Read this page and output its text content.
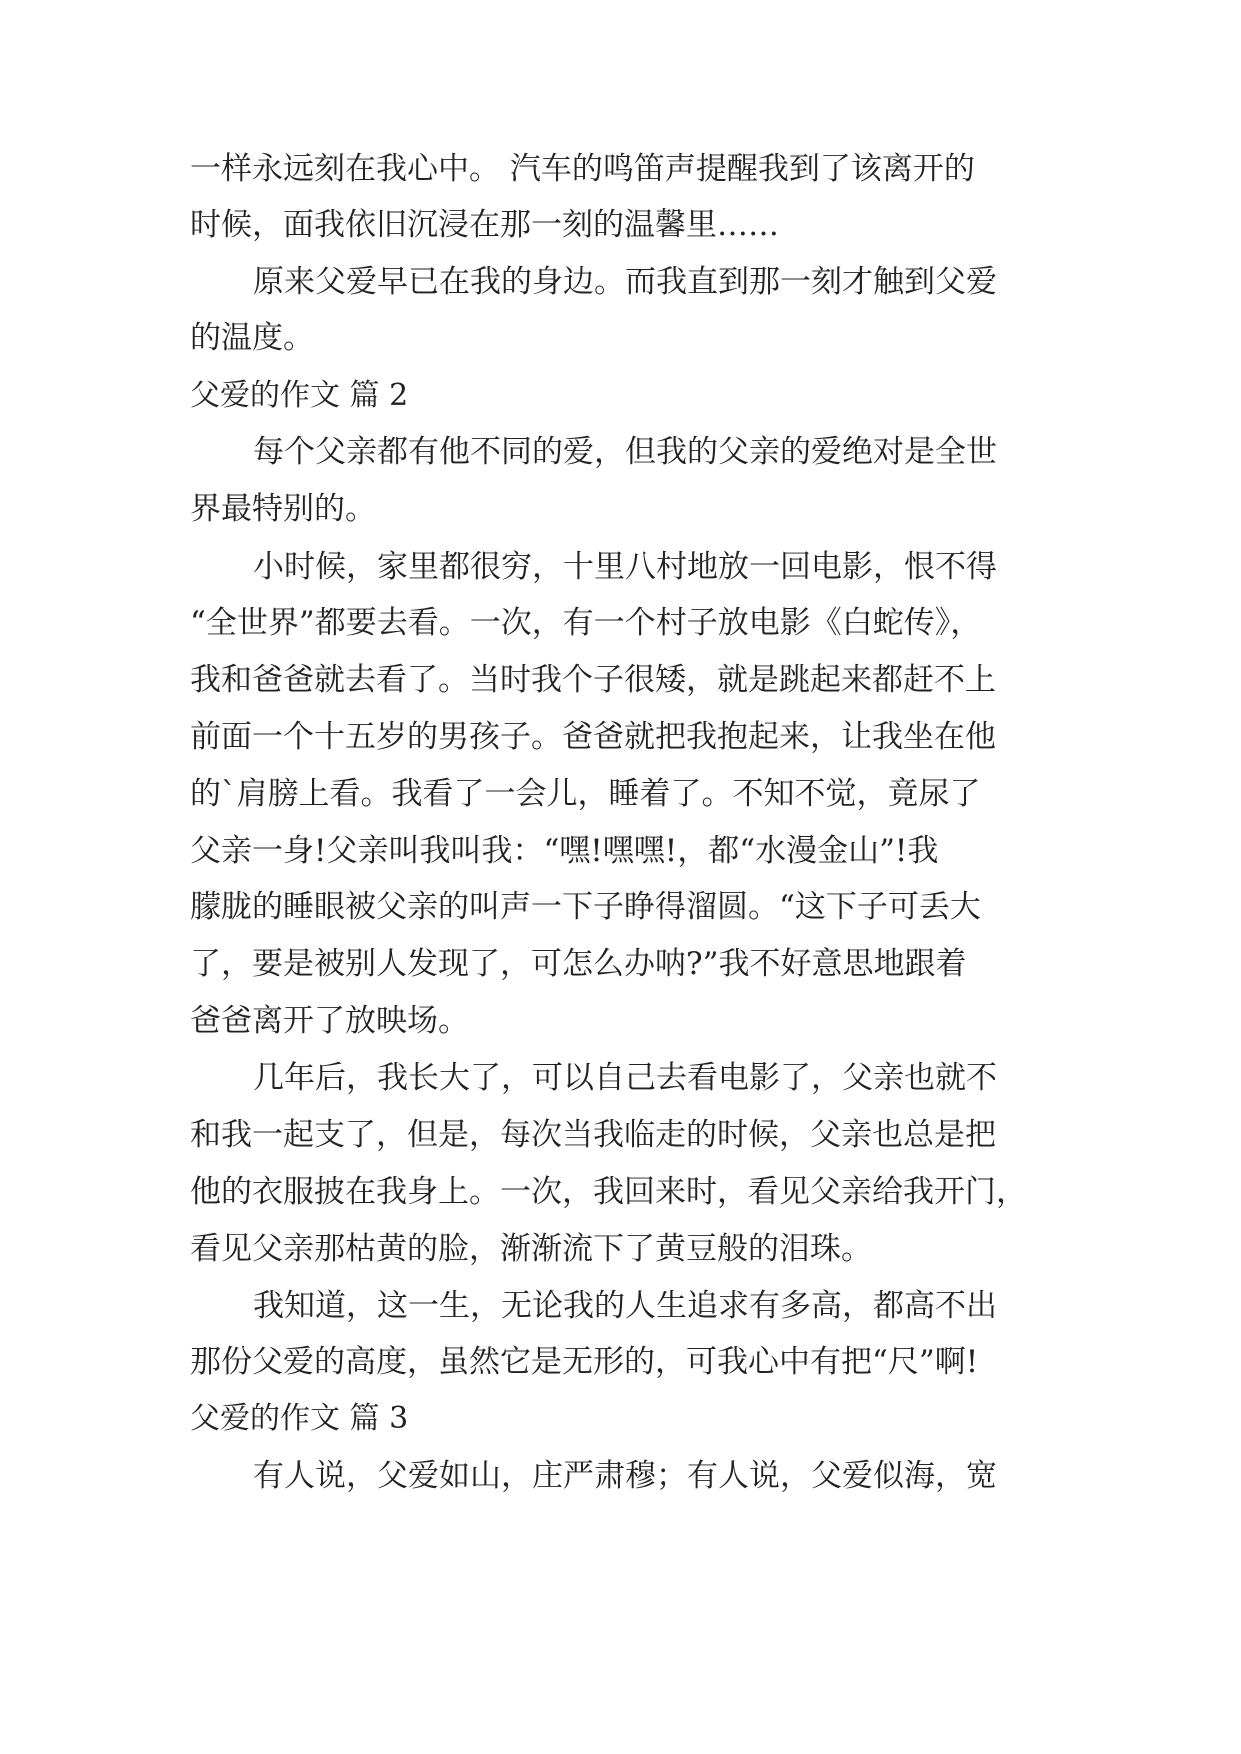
一样永远刻在我心中。 汽车的鸣笛声提醒我到了该离开的
时候，面我依旧沉浸在那一刻的温馨里……
原来父爱早已在我的身边。而我直到那一刻才触到父爱
的温度。
父爱的作文 篇 2
每个父亲都有他不同的爱，但我的父亲的爱绝对是全世
界最特别的。
小时候，家里都很穷，十里八村地放一回电影，恨不得
“全世界”都要去看。一次，有一个村子放电影《白蛇传》，
我和爸爸就去看了。当时我个子很矮，就是跳起来都赶不上
前面一个十五岁的男孩子。爸爸就把我抱起来，让我坐在他
的`肩膀上看。我看了一会儿，睡着了。不知不觉，竟尿了
父亲一身!父亲叫我叫我：“嘿!嘿嘿!，都“水漫金山”!我
朦胧的睡眼被父亲的叫声一下子睁得溜圆。“这下子可丢大
了，要是被别人发现了，可怎么办呐?”我不好意思地跟着
爸爸离开了放映场。
几年后，我长大了，可以自己去看电影了，父亲也就不
和我一起支了，但是，每次当我临走的时候，父亲也总是把
他的衣服披在我身上。一次，我回来时，看见父亲给我开门，
看见父亲那枯黄的脸，渐渐流下了黄豆般的泪珠。
我知道，这一生，无论我的人生追求有多高，都高不出
那份父爱的高度，虽然它是无形的，可我心中有把“尺”啊!
父爱的作文 篇 3
有人说，父爱如山，庄严肃穆；有人说，父爱似海，宽
